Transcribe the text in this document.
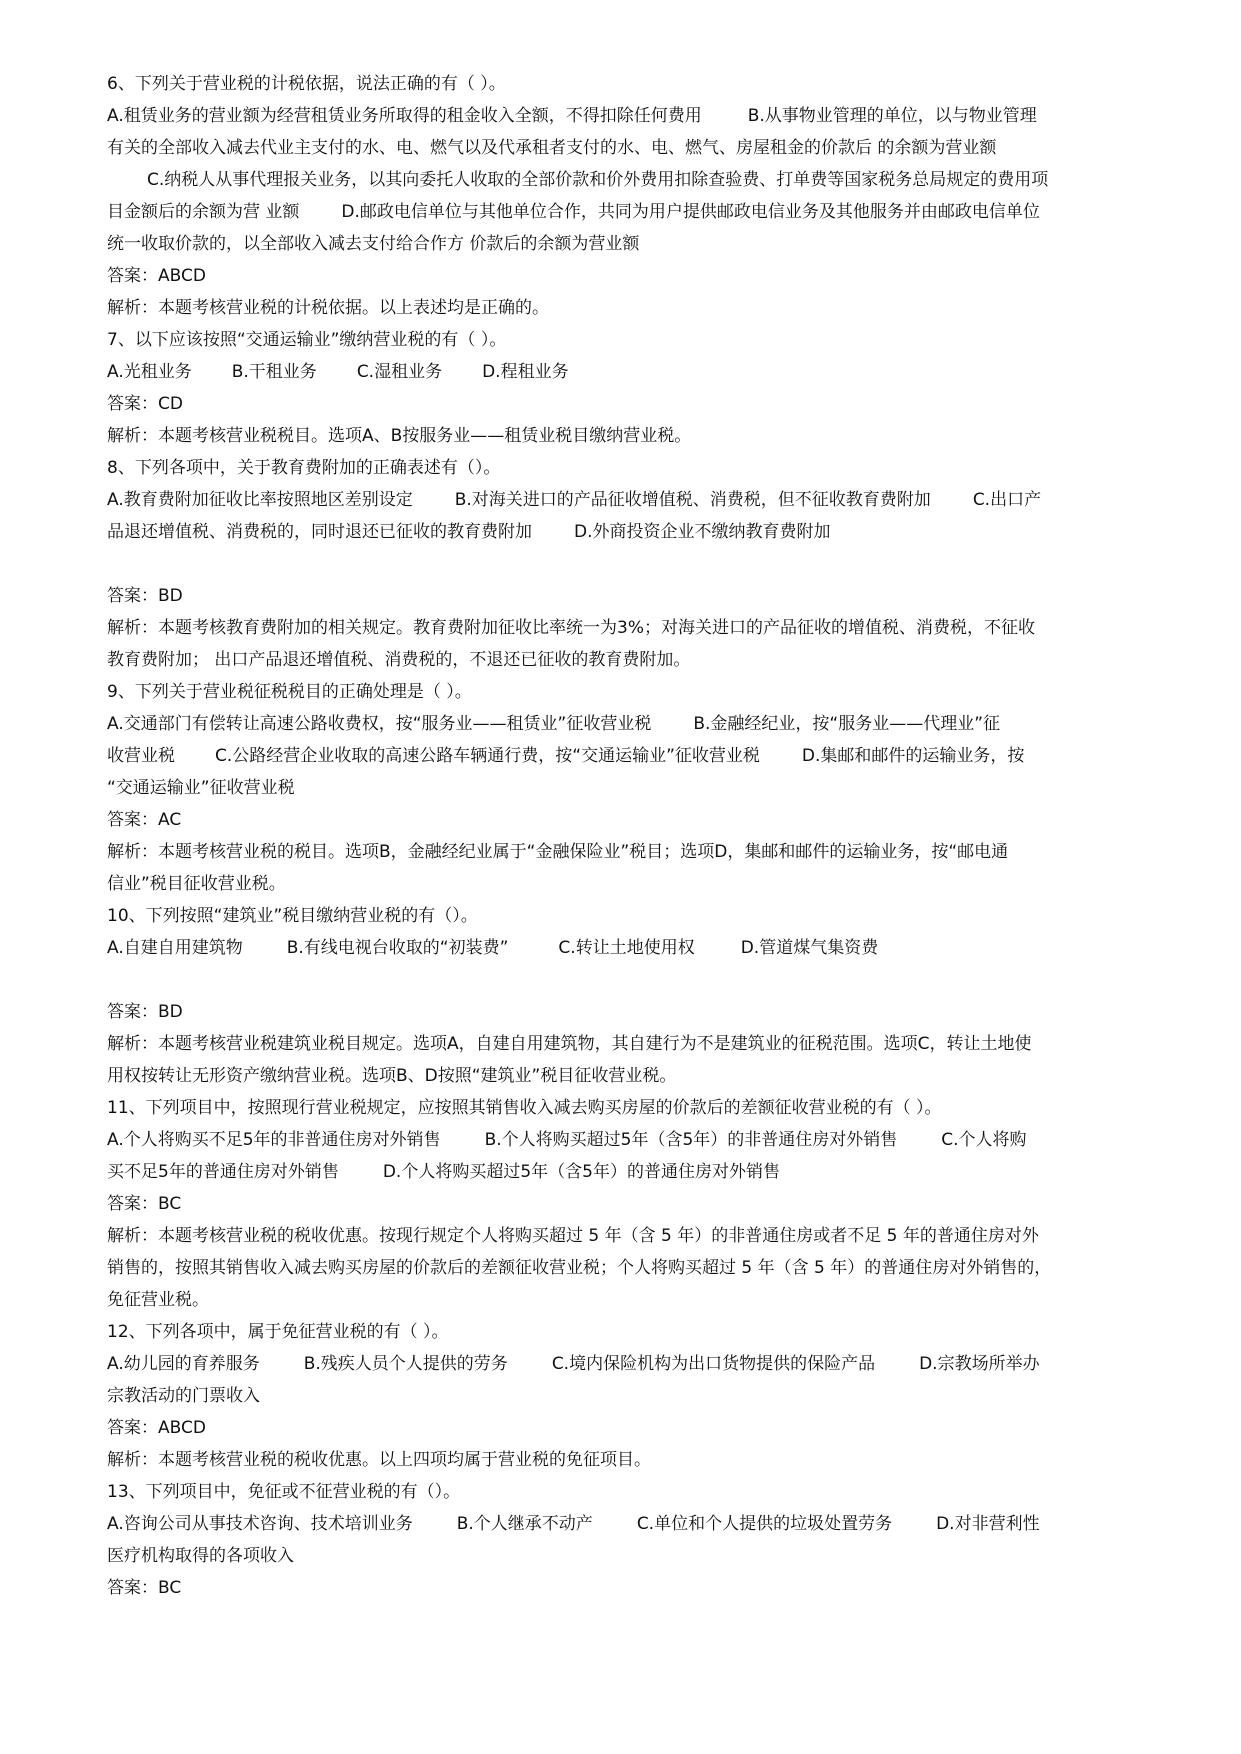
6、下列关于营业税的计税依据，说法正确的有（ ）。
A.租赁业务的营业额为经营租赁业务所取得的租金收入全额，不得扣除任何费用	B.从事物业管理的单位，以与物业管理
有关的全部收入减去代业主支付的水、电、燃气以及代承租者支付的水、电、燃气、房屋租金的价款后 的余额为营业额
C.纳税人从事代理报关业务，以其向委托人收取的全部价款和价外费用扣除查验费、打单费等国家税务总局规定的费用项
目金额后的余额为营 业额 D.邮政电信单位与其他单位合作，共同为用户提供邮政电信业务及其他服务并由邮政电信单位
统一收取价款的，以全部收入减去支付给合作方 价款后的余额为营业额
答案：ABCD
解析：本题考核营业税的计税依据。以上表述均是正确的。
7、以下应该按照“交通运输业”缴纳营业税的有（ ）。
A.光租业务 B.干租业务 C.湿租业务 D.程租业务
答案：CD
解析：本题考核营业税税目。选项A、B按服务业——租赁业税目缴纳营业税。
8、下列各项中，关于教育费附加的正确表述有（）。
A.教育费附加征收比率按照地区差别设定 B.对海关进口的产品征收增值税、消费税，但不征收教育费附加 C.出口产
品退还增值税、消费税的，同时退还已征收的教育费附加 D.外商投资企业不缴纳教育费附加
答案：BD
解析：本题考核教育费附加的相关规定。教育费附加征收比率统一为3%；对海关进口的产品征收的增值税、消费税，不征收
教育费附加； 出口产品退还增值税、消费税的，不退还已征收的教育费附加。
9、下列关于营业税征税税目的正确处理是（ ）。
A.交通部门有偿转让高速公路收费权，按“服务业——租赁业”征收营业税 B.金融经纪业，按“服务业——代理业”征
收营业税 C.公路经营企业收取的高速公路车辆通行费，按“交通运输业”征收营业税 D.集邮和邮件的运输业务，按
“交通运输业”征收营业税
答案：AC
解析：本题考核营业税的税目。选项B，金融经纪业属于“金融保险业”税目；选项D，集邮和邮件的运输业务，按“邮电通
信业”税目征收营业税。
10、下列按照“建筑业”税目缴纳营业税的有（）。
A.自建自用建筑物	B.有线电视台收取的“初装费”	C.转让土地使用权	D.管道煤气集资费
答案：BD
解析：本题考核营业税建筑业税目规定。选项A，自建自用建筑物，其自建行为不是建筑业的征税范围。选项C，转让土地使
用权按转让无形资产缴纳营业税。选项B、D按照“建筑业”税目征收营业税。
11、下列项目中，按照现行营业税规定，应按照其销售收入减去购买房屋的价款后的差额征收营业税的有（ ）。
A.个人将购买不足5年的非普通住房对外销售	B.个人将购买超过5年（含5年）的非普通住房对外销售	C.个人将购
买不足5年的普通住房对外销售	D.个人将购买超过5年（含5年）的普通住房对外销售
答案：BC
解析：本题考核营业税的税收优惠。按现行规定个人将购买超过 5 年（含 5 年）的非普通住房或者不足 5 年的普通住房对外
销售的，按照其销售收入减去购买房屋的价款后的差额征收营业税；个人将购买超过 5 年（含 5 年）的普通住房对外销售的，
免征营业税。
12、下列各项中，属于免征营业税的有（ ）。
A.幼儿园的育养服务	B.残疾人员个人提供的劳务	C.境内保险机构为出口货物提供的保险产品	D.宗教场所举办
宗教活动的门票收入
答案：ABCD
解析：本题考核营业税的税收优惠。以上四项均属于营业税的免征项目。
13、下列项目中，免征或不征营业税的有（）。
A.咨询公司从事技术咨询、技术培训业务	B.个人继承不动产	C.单位和个人提供的垃圾处置劳务	D.对非营利性
医疗机构取得的各项收入
答案：BC
